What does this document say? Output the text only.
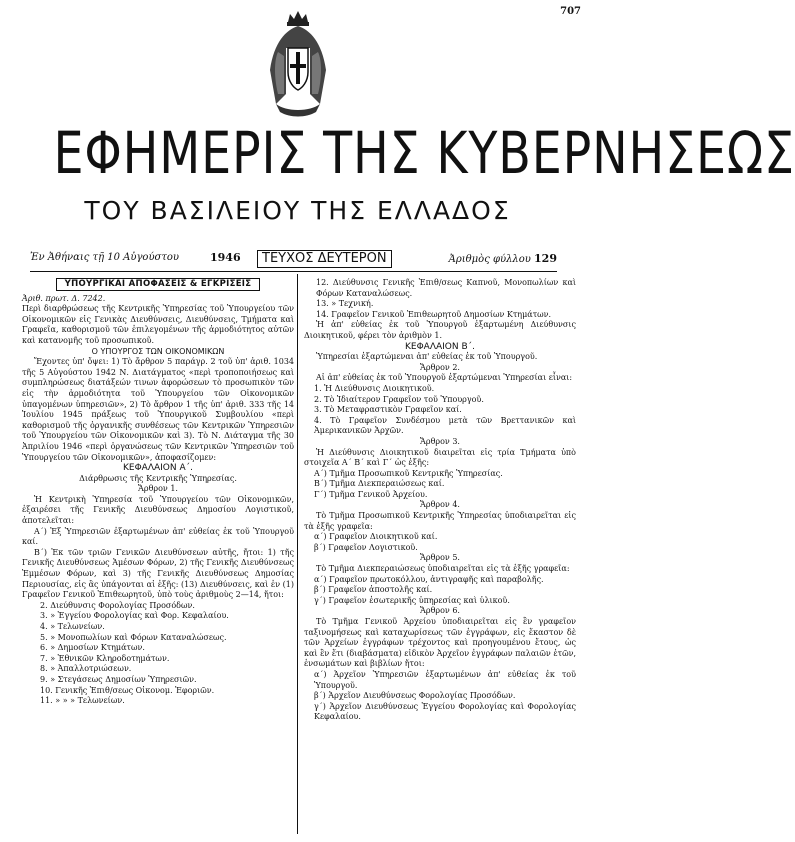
707
ΕΦΗΜΕΡΙΣ ΤΗΣ ΚΥΒΕΡΝΗΣΕΩΣ
ΤΟΥ ΒΑΣΙΛΕΙΟΥ ΤΗΣ ΕΛΛΑΔΟΣ
Ἐν Ἀθήναις τῇ 10 Αὐγούστου	1946	ΤΕΥΧΟΣ ΔΕΥΤΕΡΟΝ	Ἀριθμὸς φύλλου 129
ΥΠΟΥΡΓΙΚΑΙ ΑΠΟΦΑΣΕΙΣ & ΕΓΚΡΙΣΕΙΣ

Ἀριθ. πρωτ. Δ. 7242.

Περὶ διαρθρώσεως τῆς Κεντρικῆς Ὑπηρεσίας τοῦ Ὑπουργείου τῶν Οἰκονομικῶν εἰς Γενικὰς Διευθύνσεις, Διευθύνσεις, Τμήματα καὶ Γραφεῖα, καθορισμοῦ τῶν ἐπιλεγομένων τῆς ἁρμοδιότητος αὐτῶν καὶ κατανομῆς τοῦ προσωπικοῦ.

Ο ΥΠΟΥΡΓΟΣ ΤΩΝ ΟΙΚΟΝΟΜΙΚΩΝ

Ἔχοντες ὑπ' ὄψει: 1) Τὸ ἄρθρον 5 παράγρ. 2 τοῦ ὑπ' ἀριθ. 1034 τῆς 5 Αὐγούστου 1942 Ν. Διατάγματος «περὶ τροποποιήσεως καὶ συμπληρώσεως διατάξεών τινων ἀφορώσεων τὸ προσωπικὸν τῶν εἰς τὴν ἁρμοδιότητα τοῦ Ὑπουργείου τῶν Οἰκονομικῶν ὑπαγομένων ὑπηρεσιῶν», 2) Τὸ ἄρθρον 1 τῆς ὑπ' ἀριθ. 333 τῆς 14 Ἰουλίου 1945 πράξεως τοῦ Ὑπουργικοῦ Συμβουλίου «περὶ καθορισμοῦ τῆς ὀργανικῆς συνθέσεως τῶν Κεντρικῶν Ὑπηρεσιῶν τοῦ Ὑπουργείου τῶν Οἰκονομικῶν καὶ 3). Τὸ Ν. Διάταγμα τῆς 30 Ἀπριλίου 1946 «περὶ ὀργανώσεως τῶν Κεντρικῶν Ὑπηρεσιῶν τοῦ Ὑπουργείου τῶν Οἰκονομικῶν», ἀποφασίζομεν:

ΚΕΦΑΛΑΙΟΝ Α΄.

Διάρθρωσις τῆς Κεντρικῆς Ὑπηρεσίας.

Ἄρθρον 1.

Ἡ Κεντρικὴ Ὑπηρεσία τοῦ Ὑπουργείου τῶν Οἰκονομικῶν, ἐξαιρέσει τῆς Γενικῆς Διευθύνσεως Δημοσίου Λογιστικοῦ, ἀποτελεῖται:

Α΄) Ἐξ Ὑπηρεσιῶν ἐξαρτωμένων ἀπ' εὐθείας ἐκ τοῦ Ὑπουργοῦ καί.

Β΄) Ἐκ τῶν τριῶν Γενικῶν Διευθύνσεων αὐτῆς, ἤτοι: 1) τῆς Γενικῆς Διευθύνσεως Ἀμέσων Φόρων, 2) τῆς Γενικῆς Διευθύνσεως Ἐμμέσων Φόρων, καὶ 3) τῆς Γενικῆς Διευθύνσεως Δημοσίας Περιουσίας, εἰς ἃς ὑπάγονται αἱ ἑξῆς: (13) Διευθύνσεις, καὶ ἐν (1) Γραφεῖον Γενικοῦ Ἐπιθεωρητοῦ, ὑπὸ τοὺς ἀριθμοὺς 2—14, ἤτοι:

2. Διεύθυνσις Φορολογίας Προσόδων.

3. » Ἐγγείου Φορολογίας καὶ Φορ. Κεφαλαίου.

4. » Τελωνείων.

5. » Μονοπωλίων καὶ Φόρων Καταναλώσεως.

6. » Δημοσίων Κτημάτων.

7. » Ἐθνικῶν Κληροδοτημάτων.

8. » Ἀπαλλοτριώσεων.

9. » Στεγάσεως Δημοσίων Ὑπηρεσιῶν.

10. Γενικῆς Ἐπιθ/σεως Οἰκονομ. Ἐφοριῶν.

11. » » » Τελωνείων.

12. Διεύθυνσις Γενικῆς Ἐπιθ/σεως Καπνοῦ, Μονοπωλίων καὶ Φόρων Καταναλώσεως.

13. » Τεχνική.

14. Γραφεῖον Γενικοῦ Ἐπιθεωρητοῦ Δημοσίων Κτημάτων.

Ἡ ἀπ' εὐθείας ἐκ τοῦ Ὑπουργοῦ ἐξαρτωμένη Διεύθυνσις Διοικητικοῦ, φέρει τὸν ἀριθμὸν 1.

ΚΕΦΑΛΑΙΟΝ Β΄.

Ὑπηρεσίαι ἐξαρτώμεναι ἀπ' εὐθείας ἐκ τοῦ Ὑπουργοῦ.

Ἄρθρον 2.

Αἱ ἀπ' εὐθείας ἐκ τοῦ Ὑπουργοῦ ἐξαρτώμεναι Ὑπηρεσίαι εἶναι:

1. Ἡ Διεύθυνσις Διοικητικοῦ.

2. Τὸ Ἰδιαίτερον Γραφεῖον τοῦ Ὑπουργοῦ.

3. Τὸ Μεταφραστικὸν Γραφεῖον καί.

4. Τὸ Γραφεῖον Συνδέσμου μετὰ τῶν Βρεττανικῶν καὶ Ἀμερικανικῶν Ἀρχῶν.

Ἄρθρον 3.

Ἡ Διεύθυνσις Διοικητικοῦ διαιρεῖται εἰς τρία Τμήματα ὑπὸ στοιχεῖα Α΄ Β΄ καὶ Γ΄ ὡς ἑξῆς:

Α΄) Τμῆμα Προσωπικοῦ Κεντρικῆς Ὑπηρεσίας.

Β΄) Τμῆμα Διεκπεραιώσεως καί.

Γ΄) Τμῆμα Γενικοῦ Ἀρχείου.

Ἄρθρον 4.

Τὸ Τμῆμα Προσωπικοῦ Κεντρικῆς Ὑπηρεσίας ὑποδιαιρεῖται εἰς τὰ ἑξῆς γραφεῖα:

α΄) Γραφεῖον Διοικητικοῦ καί.

β΄) Γραφεῖον Λογιστικοῦ.

Ἄρθρον 5.

Τὸ Τμῆμα Διεκπεραιώσεως ὑποδιαιρεῖται εἰς τὰ ἑξῆς γραφεῖα:

α΄) Γραφεῖον πρωτοκόλλου, ἀντιγραφῆς καὶ παραβολῆς.

β΄) Γραφεῖον ἀποστολῆς καί.

γ΄) Γραφεῖον ἐσωτερικῆς ὑπηρεσίας καὶ ὑλικοῦ.

Ἄρθρον 6.

Τὸ Τμῆμα Γενικοῦ Ἀρχείου ὑποδιαιρεῖται εἰς ἓν γραφεῖον ταξινομήσεως καὶ καταχωρίσεως τῶν ἐγγράφων, εἰς ἕκαστον δὲ τῶν Ἀρχείων ἐγγράφων τρέχοντος καὶ προηγουμένου ἔτους, ὡς καὶ ἓν ἕτι (διαβάσματα) εἰδικὸν Ἀρχεῖον ἐγγράφων παλαιῶν ἐτῶν, ἐνσωμάτων καὶ βιβλίων ἤτοι:

α΄) Ἀρχεῖον Ὑπηρεσιῶν ἐξαρτωμένων ἀπ' εὐθείας ἐκ τοῦ Ὑπουργοῦ.

β΄) Ἀρχεῖον Διευθύνσεως Φορολογίας Προσόδων.

γ΄) Ἀρχεῖον Διευθύνσεως Ἐγγείου Φορολογίας καὶ Φορολογίας Κεφαλαίου.
